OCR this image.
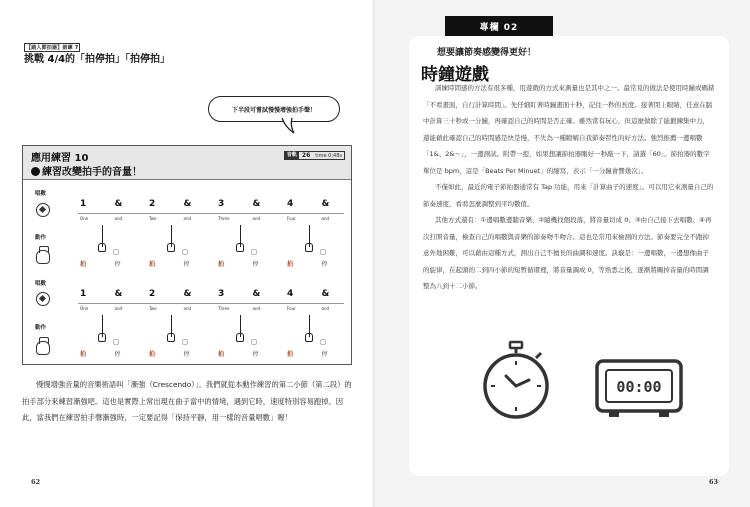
【踏入節拍器】訓練 7
挑戰 4/4的「拍停拍」「拍停拍」
下半段可嘗試慢慢增強拍手聲！
應用練習 10
練習改變拍手的音量！
音軌 26	time 0:48s
唱數
動作
唱數
動作
1
One
拍
&
and
停
2
Two
拍
&
and
停
3
Three
拍
&
and
停
4
Four
拍
&
and
停
1
One
拍
&
and
停
2
Two
拍
&
and
停
3
Three
拍
&
and
停
4
Four
拍
&
and
停

慢慢增強音量的音樂術語叫「漸強（Crescendo）」。我們就從本動作練習的第二小節（第二段）的拍手部分來練習漸強吧。這也是實際上常出現在曲子當中的情境，遇到它時，速度特別容易跑掉。因此，當我們在練習拍手聲漸強時，一定要記得「保持平靜，用一樣的音量唱數」喔！

62
專欄 02
想要讓節奏感變得更好！
時鐘遊戲

訓練時間感的方法有很多種，用遊戲的方式來測量也是其中之一。最常見的做法是使用時鐘或碼錶「不看畫面，自行計算時間」。先仔細盯著時鐘畫面十秒，記住一秒的長度。接著閉上眼睛，任意在腦中計算三十秒或一分鐘，再確認自己的時間是否正確。雖然當有玩心，但這麼做除了能鍛鍊集中力，還能藉此確認自己的時間感是快是慢，不失為一種瞭解自我節奏習性的好方法。強烈推薦一邊唱數「1&、2&～」，一邊測試。附帶一提，如果想讓節拍器剛好一秒敲一下，請選「60」。節拍器的數字單位是 bpm，這是「Beats Per Minuet」的縮寫，表示「一分鐘會響幾次」。

不僅如此，最近的電子節拍器通常有 Tap 功能，用來「計算曲子的速度」。可以用它來測量自己的節奏速度，看看怎麼調整到平均數值。

其他方式還有：①邊唱數邊聽音樂、②隨機找個段落，將音量切成 0、③由自己接下去唱數、④再次打開音量，檢查自己的唱數與音樂的節奏吻不吻合。這也是常用來檢測的方法。節奏要完全不跑掉意外地困難，可以藉由這種方式，測出自己不擅長的曲調和速度。訣竅是：一邊唱數，一邊想像曲子的旋律，在起頭的二到四小節的短暫循環裡，將音量調成 0，等熟悉之後，逐漸將關掉音量的時間調整為八到十二小節。

00:00
63
